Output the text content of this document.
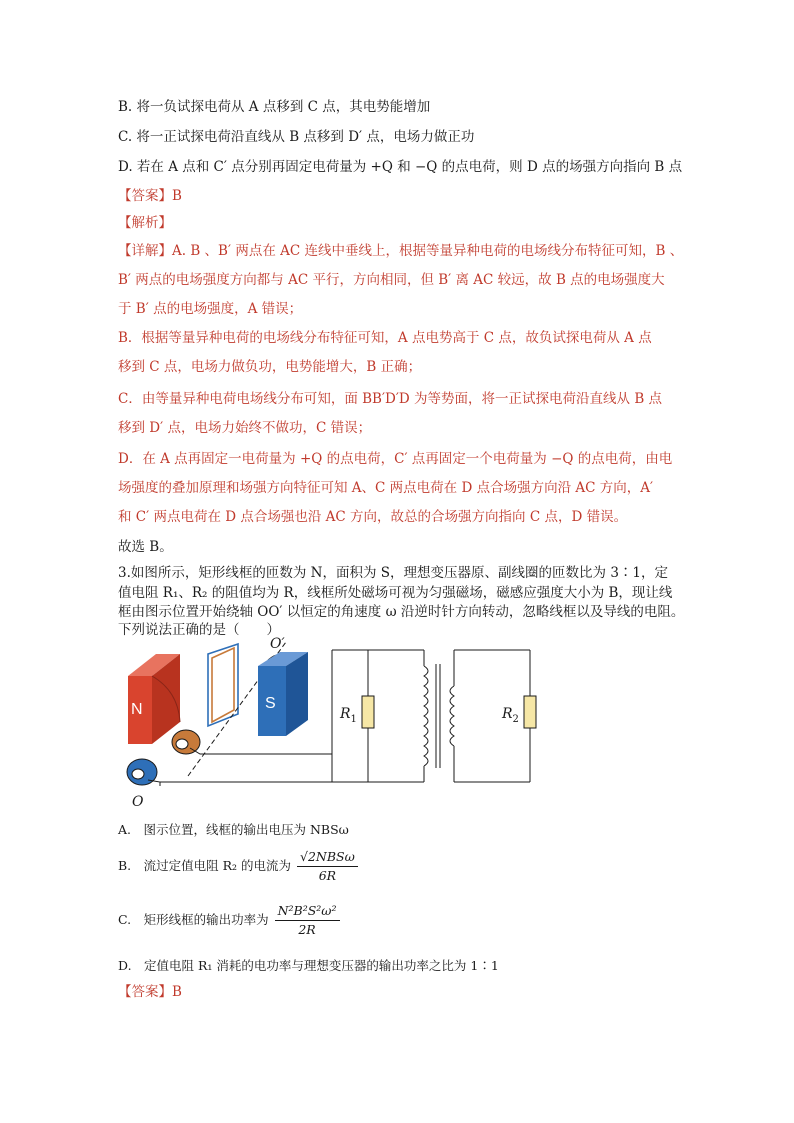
B. 将一负试探电荷从 A 点移到 C 点，其电势能增加
C. 将一正试探电荷沿直线从 B 点移到 D′ 点，电场力做正功
D. 若在 A 点和 C′ 点分别再固定电荷量为 +Q 和 −Q 的点电荷，则 D 点的场强方向指向 B 点
【答案】B
【解析】
【详解】A. B 、B′ 两点在 AC 连线中垂线上，根据等量异种电荷的电场线分布特征可知，B 、
B′ 两点的电场强度方向都与 AC 平行，方向相同，但 B′ 离 AC 较远，故 B 点的电场强度大
于 B′ 点的电场强度，A 错误；
B．根据等量异种电荷的电场线分布特征可知，A 点电势高于 C 点，故负试探电荷从 A 点
移到 C 点，电场力做负功，电势能增大，B 正确；
C．由等量异种电荷电场线分布可知，面 BB′D′D 为等势面，将一正试探电荷沿直线从 B 点
移到 D′ 点，电场力始终不做功，C 错误；
D．在 A 点再固定一电荷量为 +Q 的点电荷，C′ 点再固定一个电荷量为 −Q 的点电荷，由电
场强度的叠加原理和场强方向特征可知 A、C 两点电荷在 D 点合场强方向沿 AC 方向，A′
和 C′ 两点电荷在 D 点合场强也沿 AC 方向，故总的合场强方向指向 C 点，D 错误。
故选 B。
3.如图所示，矩形线框的匝数为 N，面积为 S，理想变压器原、副线圈的匝数比为 3∶1，定
值电阻 R₁、R₂ 的阻值均为 R，线框所处磁场可视为匀强磁场，磁感应强度大小为 B，现让线
框由图示位置开始绕轴 OO′ 以恒定的角速度 ω 沿逆时针方向转动，忽略线框以及导线的电阻。
下列说法正确的是（　　）
N
O′
S
O
$R_1$	$R_2$
A.　图示位置，线框的输出电压为 NBSω
B.　流过定值电阻 R₂ 的电流为 $\frac{\text{√2NBSω}}{6R}$
C.　矩形线框的输出功率为 $\frac{\text{N²B²S²ω²}}{2R}$
D.　定值电阻 R₁ 消耗的电功率与理想变压器的输出功率之比为 1∶1
【答案】B
